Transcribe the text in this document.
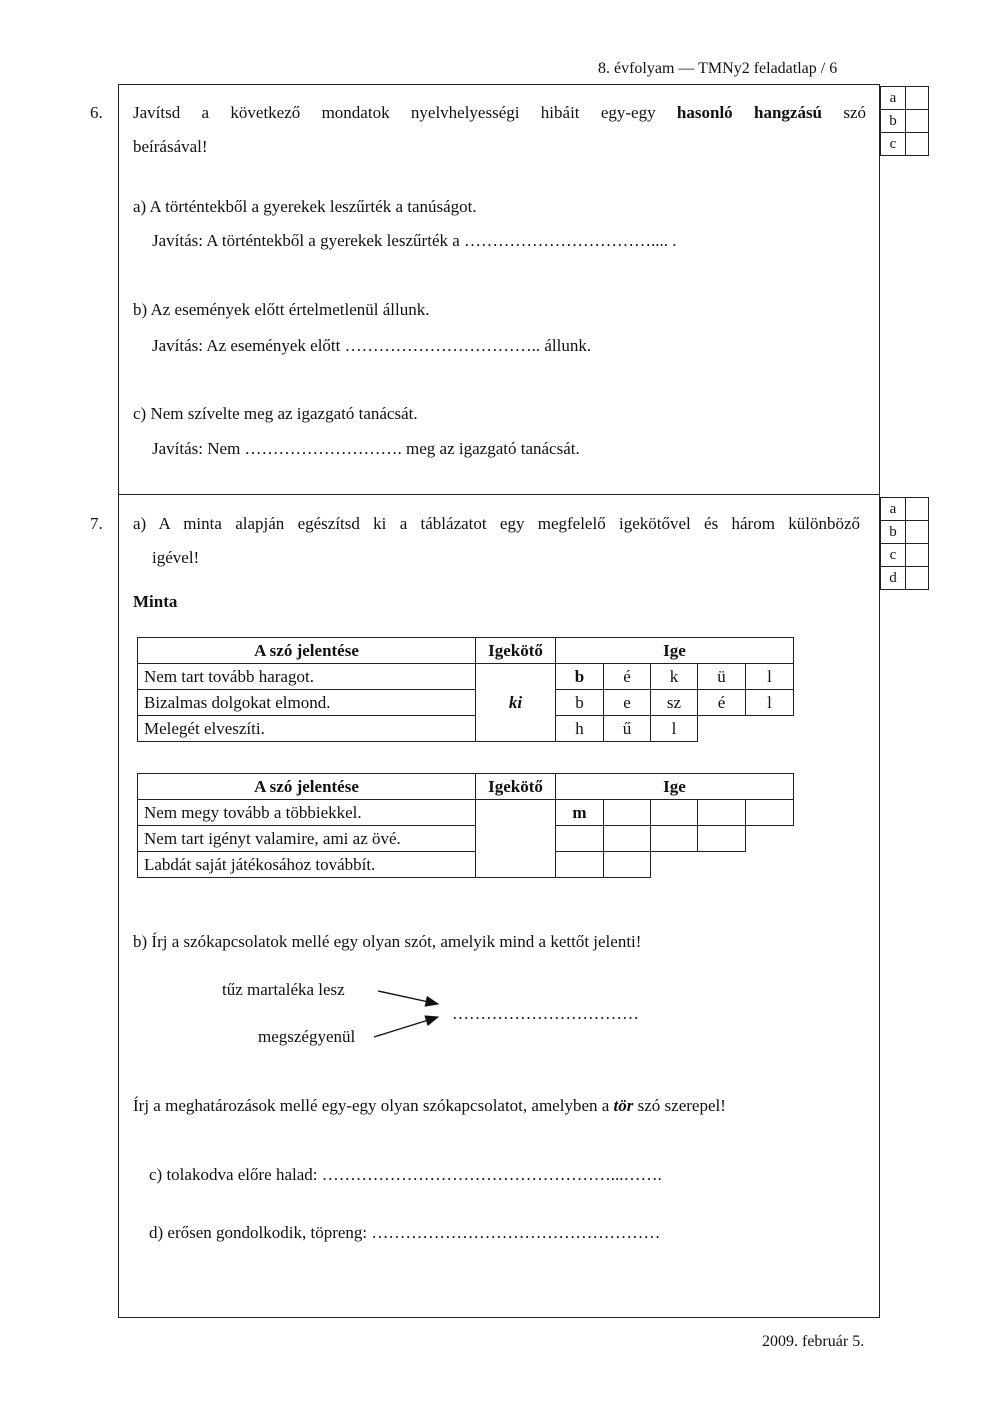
8. évfolyam — TMNy2 feladatlap / 6
6. Javítsd a következő mondatok nyelvhelyességi hibáit egy-egy hasonló hangzású szó
beírásával!
a	
b	
c	
a) A történtekből a gyerekek leszűrték a tanúságot.
Javítás: A történtekből a gyerekek leszűrték a …………………………….... .
b) Az események előtt értelmetlenül állunk.
Javítás: Az események előtt …………………………….. állunk.
c) Nem szívelte meg az igazgató tanácsát.
Javítás: Nem ………………………. meg az igazgató tanácsát.
7. a) A minta alapján egészítsd ki a táblázatot egy megfelelő igekötővel és három különböző
igével!
a	
b	
c	
d	
Minta
A szó jelentése	Igekötő	Ige				
Nem tart tovább haragot.	ki	b	é	k	ü	l
Bizalmas dolgokat elmond.		b	e	sz	é	l
Melegét elveszíti.		h	ű	l		
A szó jelentése	Igekötő	Ige				
Nem megy tovább a többiekkel.		m				
Nem tart igényt valamire, ami az övé.						
Labdát saját játékosához továbbít.						
b) Írj a szókapcsolatok mellé egy olyan szót, amelyik mind a kettőt jelenti!
tűz martaléka lesz
megszégyenül
……………………………
Írj a meghatározások mellé egy-egy olyan szókapcsolatot, amelyben a tör szó szerepel!
c) tolakodva előre halad: ……………………………………………...…….
d) erősen gondolkodik, töpreng: ……………………………………………
2009. február 5.
